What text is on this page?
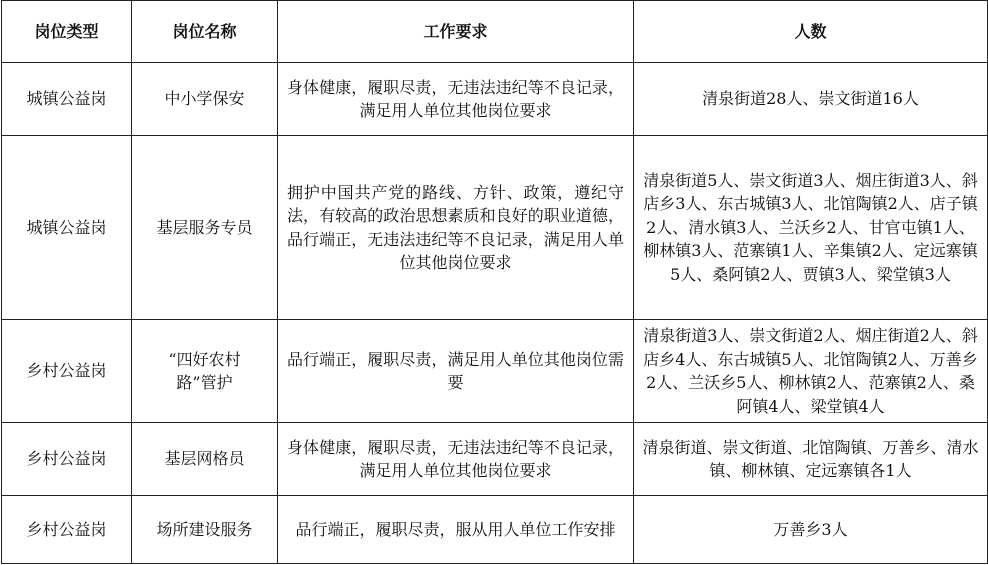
岗位类型	岗位名称	工作要求	人数
城镇公益岗	中小学保安	身体健康，履职尽责，无违法违纪等不良记录，满足用人单位其他岗位要求	清泉街道28人、崇文街道16人
城镇公益岗	基层服务专员	拥护中国共产党的路线、方针、政策，遵纪守法，有较高的政治思想素质和良好的职业道德，品行端正，无违法违纪等不良记录，满足用人单位其他岗位要求	清泉街道5人、崇文街道3人、烟庄街道3人、斜店乡3人、东古城镇3人、北馆陶镇2人、店子镇2人、清水镇3人、兰沃乡2人、甘官屯镇1人、柳林镇3人、范寨镇1人、辛集镇2人、定远寨镇5人、桑阿镇2人、贾镇3人、梁堂镇3人
乡村公益岗	“四好农村路”管护	品行端正，履职尽责，满足用人单位其他岗位需要	清泉街道3人、崇文街道2人、烟庄街道2人、斜店乡4人、东古城镇5人、北馆陶镇2人、万善乡2人、兰沃乡5人、柳林镇2人、范寨镇2人、桑阿镇4人、梁堂镇4人
乡村公益岗	基层网格员	身体健康，履职尽责，无违法违纪等不良记录，满足用人单位其他岗位要求	清泉街道、崇文街道、北馆陶镇、万善乡、清水镇、柳林镇、定远寨镇各1人
乡村公益岗	场所建设服务	品行端正，履职尽责，服从用人单位工作安排	万善乡3人
